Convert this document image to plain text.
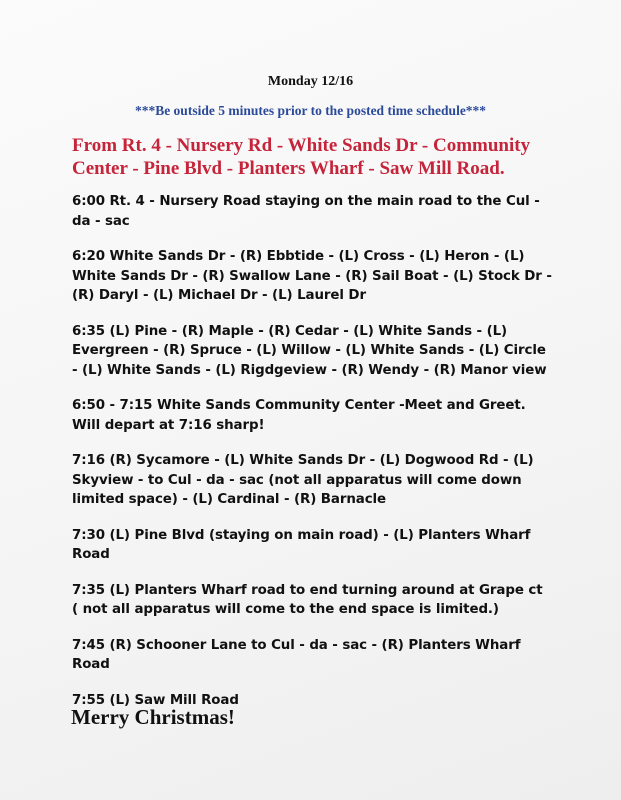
Monday 12/16
***Be outside 5 minutes prior to the posted time schedule***
From Rt. 4 - Nursery Rd - White Sands Dr - Community Center - Pine Blvd - Planters Wharf - Saw Mill Road.
6:00 Rt. 4 - Nursery Road staying on the main road to the Cul - da - sac
6:20 White Sands Dr - (R) Ebbtide - (L) Cross - (L) Heron - (L) White Sands Dr - (R) Swallow Lane - (R) Sail Boat - (L) Stock Dr - (R) Daryl - (L) Michael Dr - (L) Laurel Dr
6:35 (L) Pine - (R) Maple - (R) Cedar - (L) White Sands - (L) Evergreen - (R) Spruce - (L) Willow - (L) White Sands - (L) Circle - (L) White Sands - (L) Rigdgeview - (R) Wendy - (R) Manor view
6:50 - 7:15 White Sands Community Center -Meet and Greet. Will depart at 7:16 sharp!
7:16 (R) Sycamore - (L) White Sands Dr - (L) Dogwood Rd - (L) Skyview - to Cul - da - sac (not all apparatus will come down limited space) - (L) Cardinal - (R) Barnacle
7:30 (L) Pine Blvd (staying on main road) - (L) Planters Wharf Road
7:35 (L) Planters Wharf road to end turning around at Grape ct ( not all apparatus will come to the end space is limited.)
7:45 (R) Schooner Lane to Cul - da - sac - (R) Planters Wharf Road
7:55 (L) Saw Mill Road
Merry Christmas!
